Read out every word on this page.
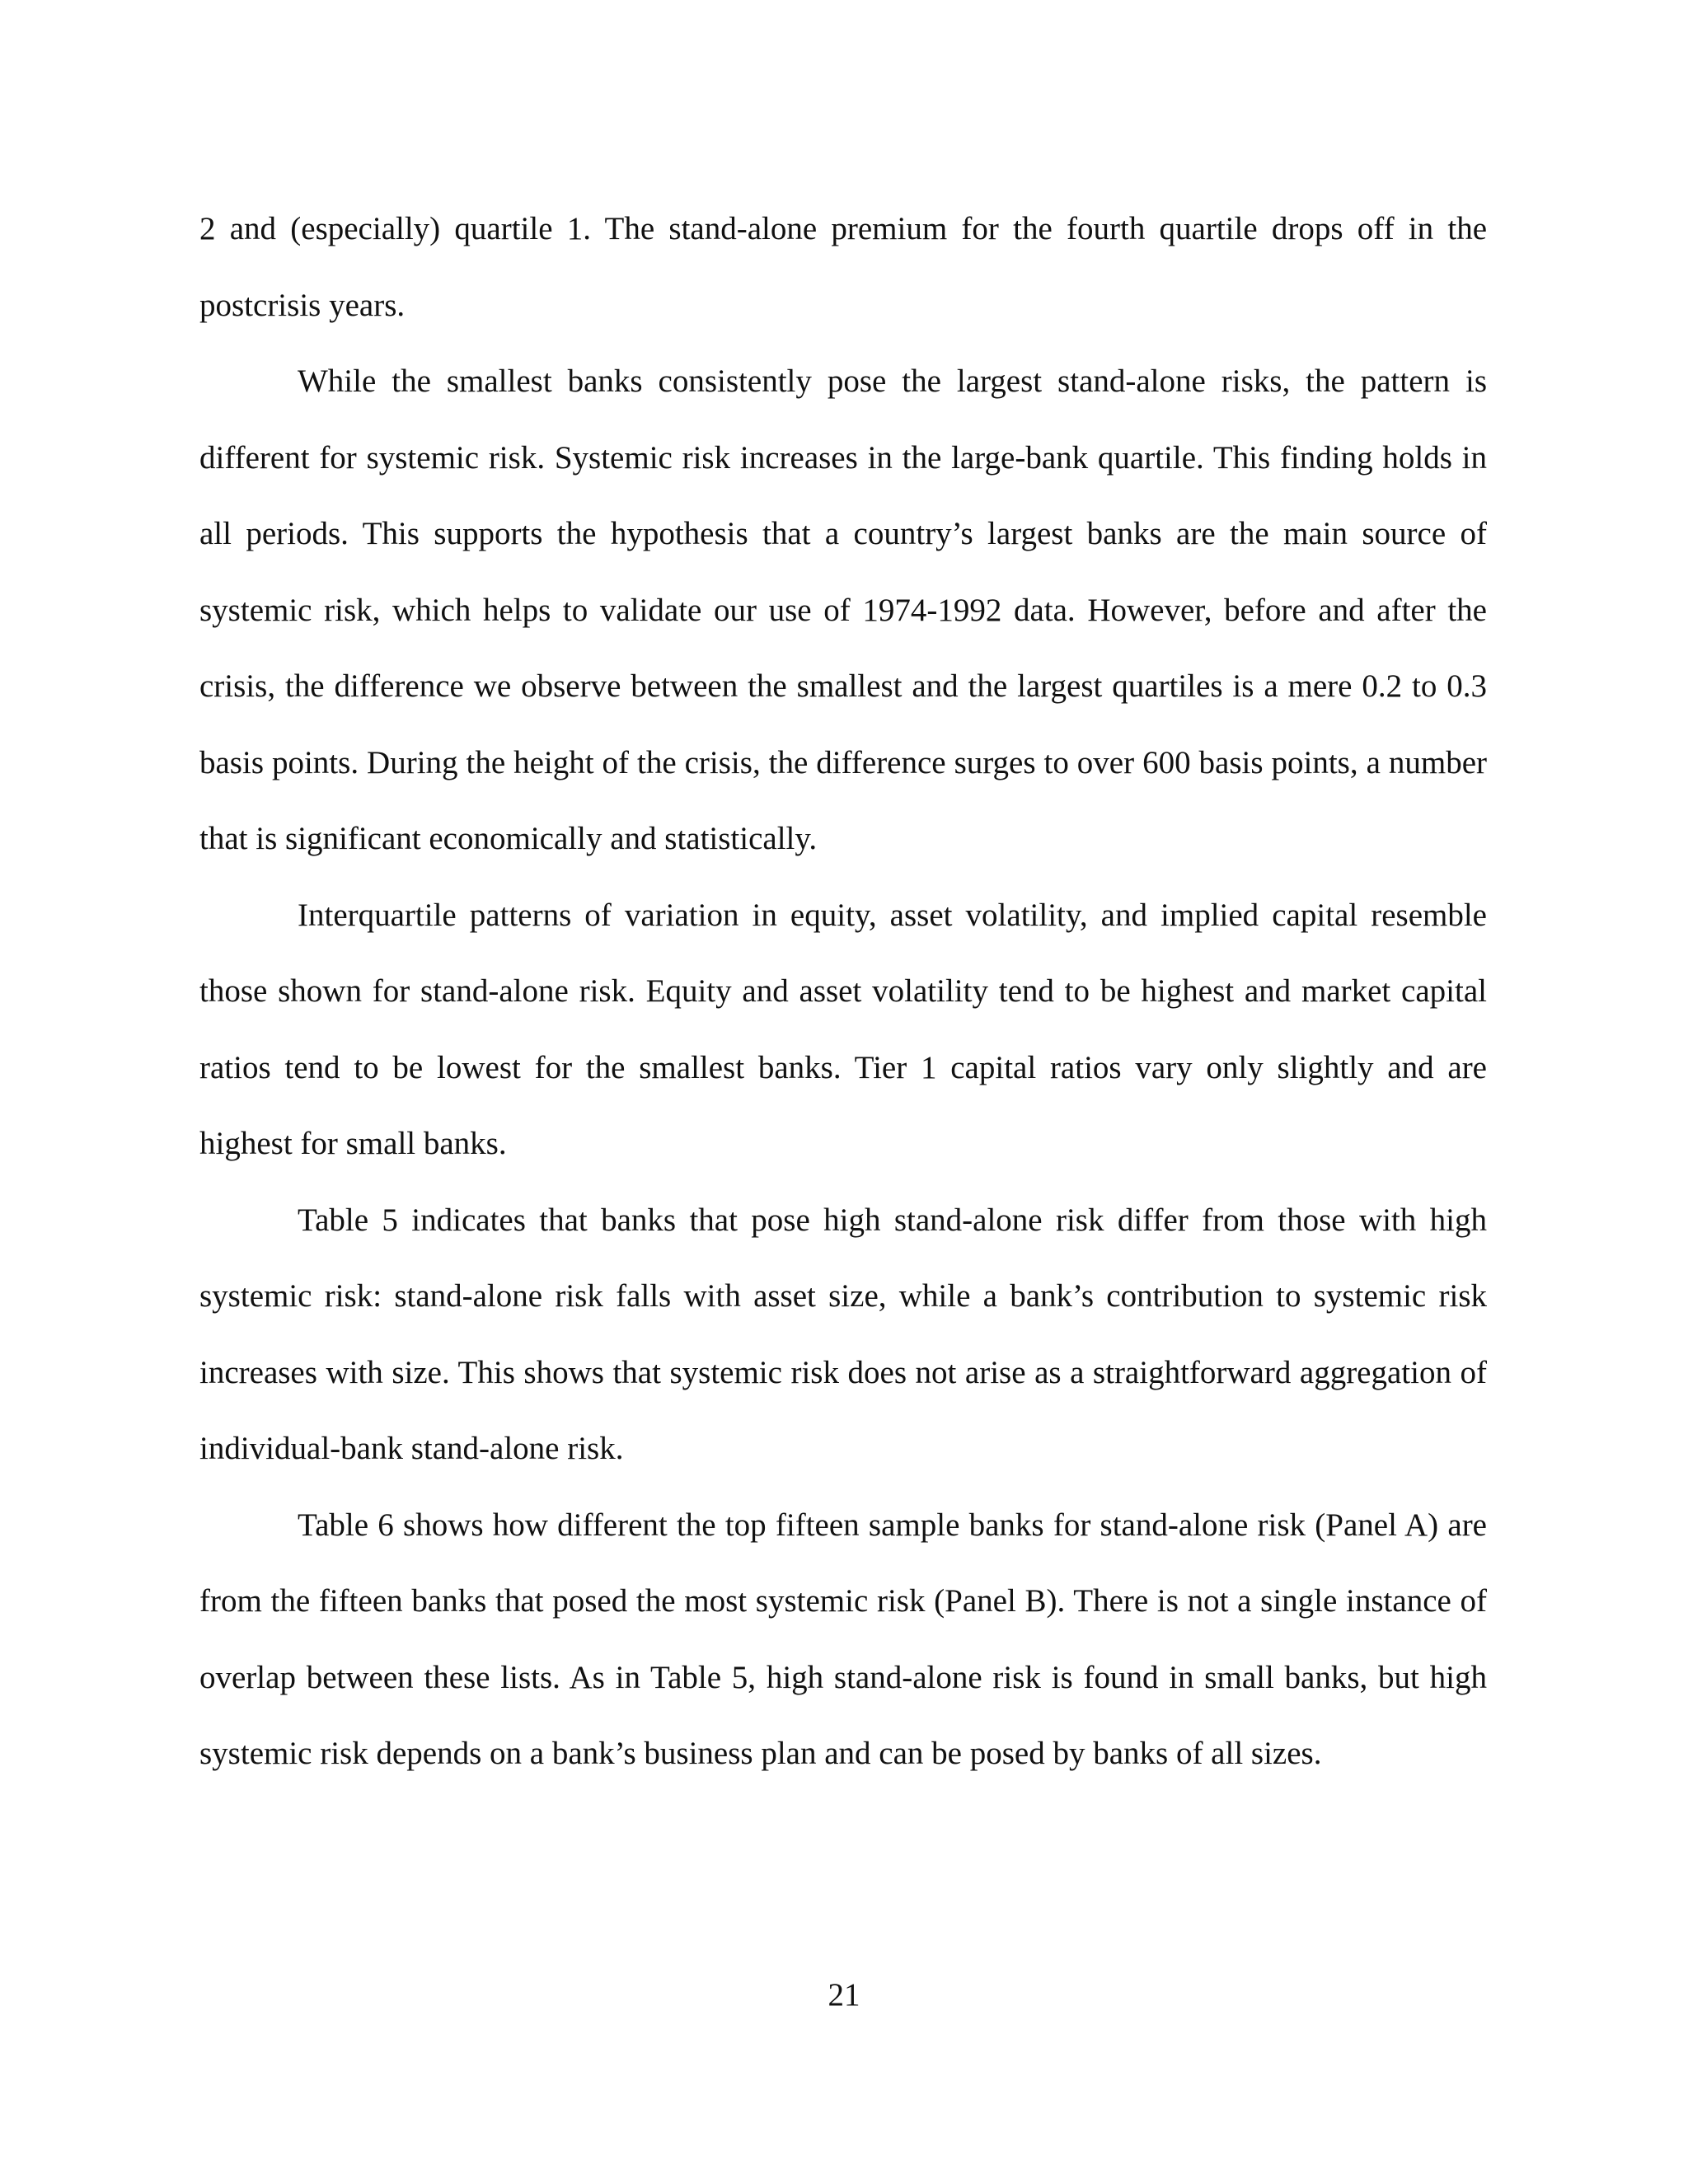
2 and (especially) quartile 1. The stand-alone premium for the fourth quartile drops off in the postcrisis years.

While the smallest banks consistently pose the largest stand-alone risks, the pattern is different for systemic risk. Systemic risk increases in the large-bank quartile. This finding holds in all periods. This supports the hypothesis that a country’s largest banks are the main source of systemic risk, which helps to validate our use of 1974-1992 data. However, before and after the crisis, the difference we observe between the smallest and the largest quartiles is a mere 0.2 to 0.3 basis points. During the height of the crisis, the difference surges to over 600 basis points, a number that is significant economically and statistically.

Interquartile patterns of variation in equity, asset volatility, and implied capital resemble those shown for stand-alone risk. Equity and asset volatility tend to be highest and market capital ratios tend to be lowest for the smallest banks. Tier 1 capital ratios vary only slightly and are highest for small banks.

Table 5 indicates that banks that pose high stand-alone risk differ from those with high systemic risk: stand-alone risk falls with asset size, while a bank’s contribution to systemic risk increases with size. This shows that systemic risk does not arise as a straightforward aggregation of individual-bank stand-alone risk.

Table 6 shows how different the top fifteen sample banks for stand-alone risk (Panel A) are from the fifteen banks that posed the most systemic risk (Panel B). There is not a single instance of overlap between these lists. As in Table 5, high stand-alone risk is found in small banks, but high systemic risk depends on a bank’s business plan and can be posed by banks of all sizes.

21
